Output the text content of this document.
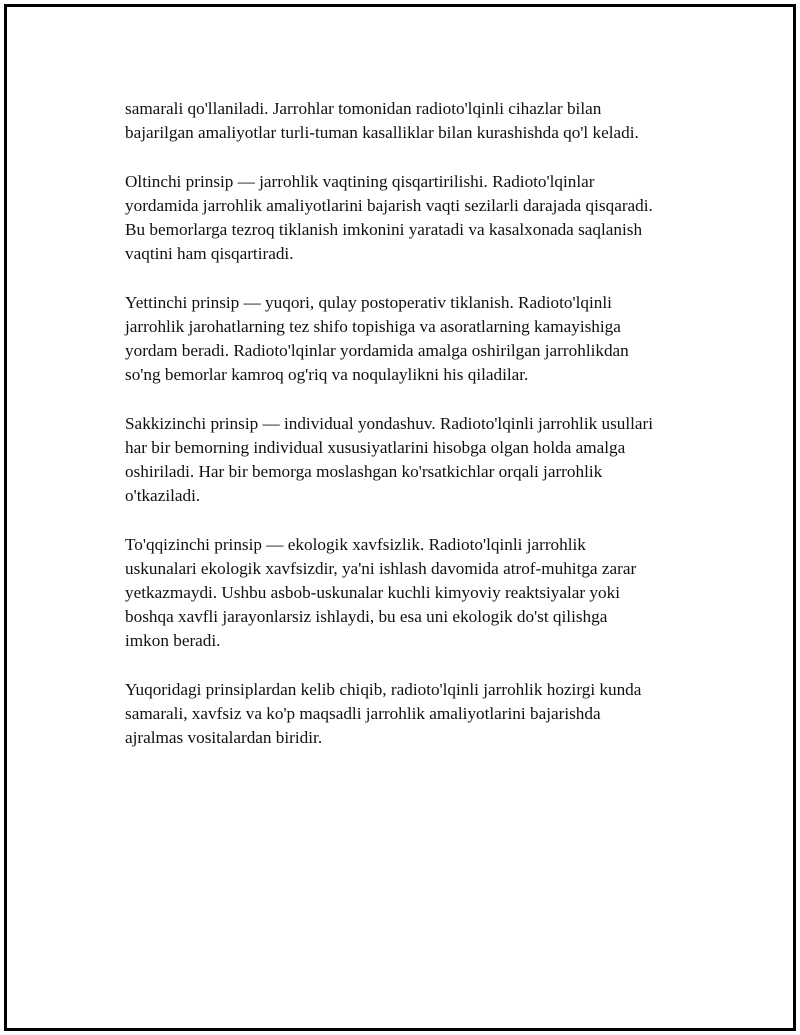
samarali qo'llaniladi. Jarrohlar tomonidan radioto'lqinli cihazlar bilan
bajarilgan amaliyotlar turli-tuman kasalliklar bilan kurashishda qo'l keladi.

Oltinchi prinsip — jarrohlik vaqtining qisqartirilishi. Radioto'lqinlar
yordamida jarrohlik amaliyotlarini bajarish vaqti sezilarli darajada qisqaradi.
Bu bemorlarga tezroq tiklanish imkonini yaratadi va kasalxonada saqlanish
vaqtini ham qisqartiradi.

Yettinchi prinsip — yuqori, qulay postoperativ tiklanish. Radioto'lqinli
jarrohlik jarohatlarning tez shifo topishiga va asoratlarning kamayishiga
yordam beradi. Radioto'lqinlar yordamida amalga oshirilgan jarrohlikdan
so'ng bemorlar kamroq og'riq va noqulaylikni his qiladilar.

Sakkizinchi prinsip — individual yondashuv. Radioto'lqinli jarrohlik usullari
har bir bemorning individual xususiyatlarini hisobga olgan holda amalga
oshiriladi. Har bir bemorga moslashgan ko'rsatkichlar orqali jarrohlik
o'tkaziladi.

To'qqizinchi prinsip — ekologik xavfsizlik. Radioto'lqinli jarrohlik
uskunalari ekologik xavfsizdir, ya'ni ishlash davomida atrof-muhitga zarar
yetkazmaydi. Ushbu asbob-uskunalar kuchli kimyoviy reaktsiyalar yoki
boshqa xavfli jarayonlarsiz ishlaydi, bu esa uni ekologik do'st qilishga
imkon beradi.

Yuqoridagi prinsiplardan kelib chiqib, radioto'lqinli jarrohlik hozirgi kunda
samarali, xavfsiz va ko'p maqsadli jarrohlik amaliyotlarini bajarishda
ajralmas vositalardan biridir.
